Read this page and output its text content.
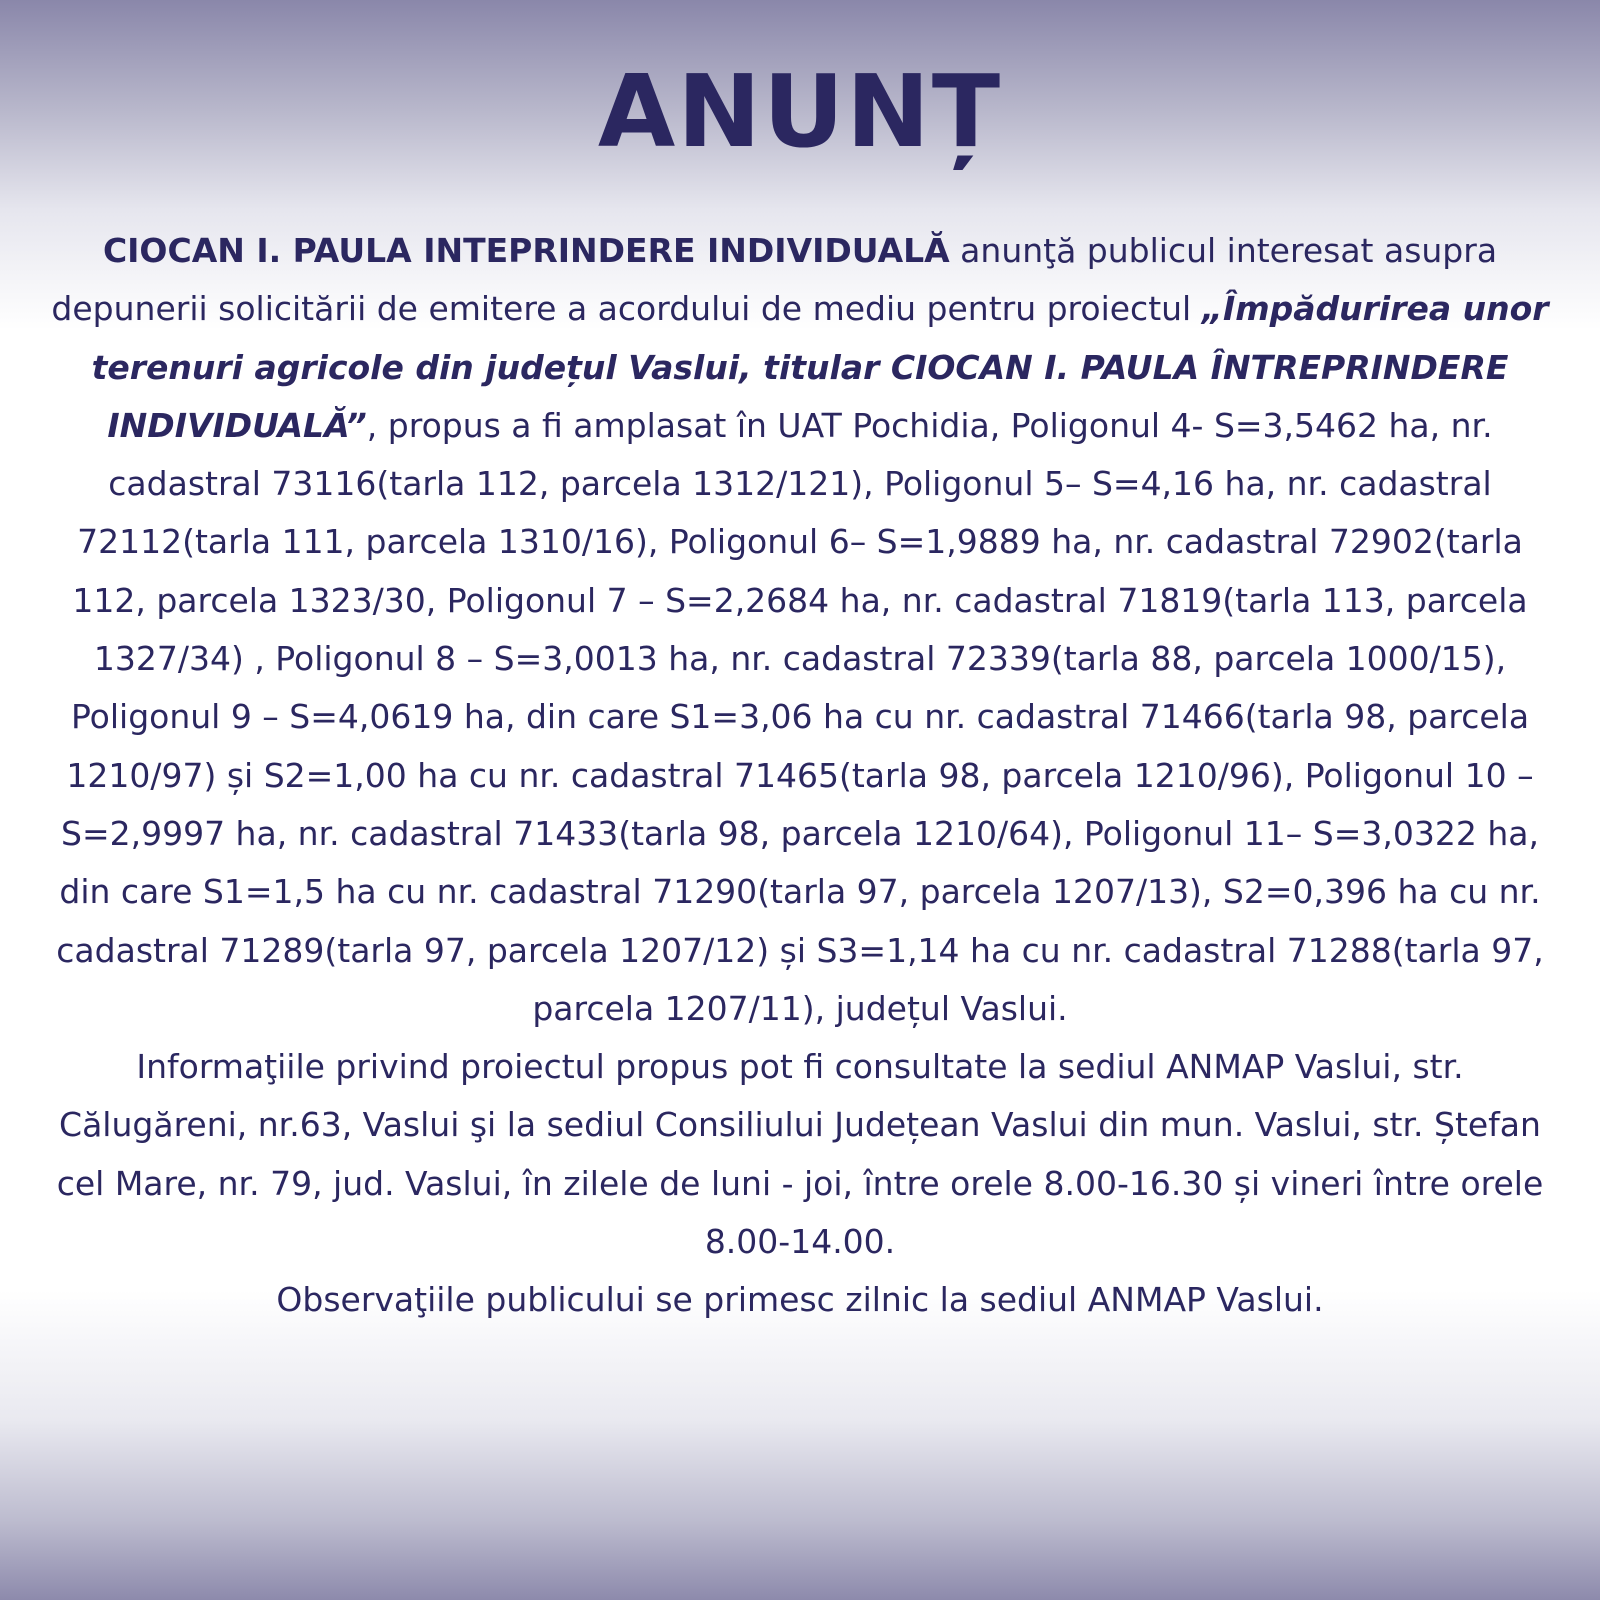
ANUNȚ

CIOCAN I. PAULA INTEPRINDERE INDIVIDUALĂ anunţă publicul interesat asupra depunerii solicitării de emitere a acordului de mediu pentru proiectul „Împădurirea unor terenuri agricole din județul Vaslui, titular CIOCAN I. PAULA ÎNTREPRINDERE INDIVIDUALĂ”, propus a fi amplasat în UAT Pochidia, Poligonul 4- S=3,5462 ha, nr. cadastral 73116(tarla 112, parcela 1312/121), Poligonul 5– S=4,16 ha, nr. cadastral 72112(tarla 111, parcela 1310/16), Poligonul 6– S=1,9889 ha, nr. cadastral 72902(tarla 112, parcela 1323/30, Poligonul 7 – S=2,2684 ha, nr. cadastral 71819(tarla 113, parcela 1327/34) , Poligonul 8 – S=3,0013 ha, nr. cadastral 72339(tarla 88, parcela 1000/15), Poligonul 9 – S=4,0619 ha, din care S1=3,06 ha cu nr. cadastral 71466(tarla 98, parcela 1210/97) și S2=1,00 ha cu nr. cadastral 71465(tarla 98, parcela 1210/96), Poligonul 10 – S=2,9997 ha, nr. cadastral 71433(tarla 98, parcela 1210/64), Poligonul 11– S=3,0322 ha, din care S1=1,5 ha cu nr. cadastral 71290(tarla 97, parcela 1207/13), S2=0,396 ha cu nr. cadastral 71289(tarla 97, parcela 1207/12) și S3=1,14 ha cu nr. cadastral 71288(tarla 97, parcela 1207/11), județul Vaslui.

Informaţiile privind proiectul propus pot fi consultate la sediul ANMAP Vaslui, str. Călugăreni, nr.63, Vaslui şi la sediul Consiliului Județean Vaslui din mun. Vaslui, str. Ștefan cel Mare, nr. 79, jud. Vaslui, în zilele de luni - joi, între orele 8.00-16.30 și vineri între orele 8.00-14.00.

Observaţiile publicului se primesc zilnic la sediul ANMAP Vaslui.
